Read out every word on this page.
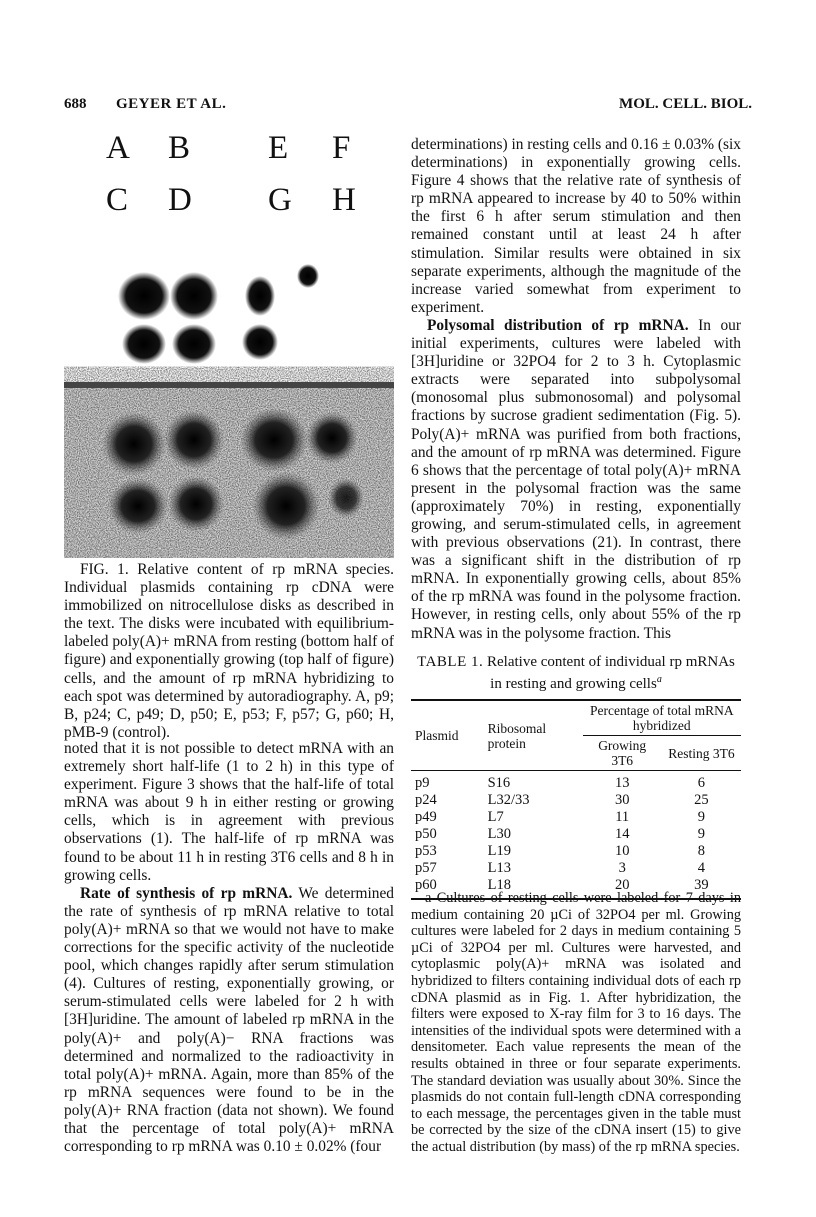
688 GEYER ET AL.	MOL. CELL. BIOL.
A B E F
C D G H

FIG. 1. Relative content of rp mRNA species. Individual plasmids containing rp cDNA were immobilized on nitrocellulose disks as described in the text. The disks were incubated with equilibrium-labeled poly(A)+ mRNA from resting (bottom half of figure) and exponentially growing (top half of figure) cells, and the amount of rp mRNA hybridizing to each spot was determined by autoradiography. A, p9; B, p24; C, p49; D, p50; E, p53; F, p57; G, p60; H, pMB-9 (control).

noted that it is not possible to detect mRNA with an extremely short half-life (1 to 2 h) in this type of experiment. Figure 3 shows that the half-life of total mRNA was about 9 h in either resting or growing cells, which is in agreement with previous observations (1). The half-life of rp mRNA was found to be about 11 h in resting 3T6 cells and 8 h in growing cells.

Rate of synthesis of rp mRNA. We determined the rate of synthesis of rp mRNA relative to total poly(A)+ mRNA so that we would not have to make corrections for the specific activity of the nucleotide pool, which changes rapidly after serum stimulation (4). Cultures of resting, exponentially growing, or serum-stimulated cells were labeled for 2 h with [3H]uridine. The amount of labeled rp mRNA in the poly(A)+ and poly(A)− RNA fractions was determined and normalized to the radioactivity in total poly(A)+ mRNA. Again, more than 85% of the rp mRNA sequences were found to be in the poly(A)+ RNA fraction (data not shown). We found that the percentage of total poly(A)+ mRNA corresponding to rp mRNA was 0.10 ± 0.02% (four

determinations) in resting cells and 0.16 ± 0.03% (six determinations) in exponentially growing cells. Figure 4 shows that the relative rate of synthesis of rp mRNA appeared to increase by 40 to 50% within the first 6 h after serum stimulation and then remained constant until at least 24 h after stimulation. Similar results were obtained in six separate experiments, although the magnitude of the increase varied somewhat from experiment to experiment.

Polysomal distribution of rp mRNA. In our initial experiments, cultures were labeled with [3H]uridine or 32PO4 for 2 to 3 h. Cytoplasmic extracts were separated into subpolysomal (monosomal plus submonosomal) and polysomal fractions by sucrose gradient sedimentation (Fig. 5). Poly(A)+ mRNA was purified from both fractions, and the amount of rp mRNA was determined. Figure 6 shows that the percentage of total poly(A)+ mRNA present in the polysomal fraction was the same (approximately 70%) in resting, exponentially growing, and serum-stimulated cells, in agreement with previous observations (21). In contrast, there was a significant shift in the distribution of rp mRNA. In exponentially growing cells, about 85% of the rp mRNA was found in the polysome fraction. However, in resting cells, only about 55% of the rp mRNA was in the polysome fraction. This

TABLE 1. Relative content of individual rp mRNAs in resting and growing cells$^a$
Plasmid	Ribosomal protein	Percentage of total mRNA hybridized	
		Growing 3T6	Resting 3T6
p9	S16	13	6
p24	L32/33	30	25
p49	L7	11	9
p50	L30	14	9
p53	L19	10	8
p57	L13	3	4
p60	L18	20	39
a Cultures of resting cells were labeled for 7 days in medium containing 20 µCi of 32PO4 per ml. Growing cultures were labeled for 2 days in medium containing 5 µCi of 32PO4 per ml. Cultures were harvested, and cytoplasmic poly(A)+ mRNA was isolated and hybridized to filters containing individual dots of each rp cDNA plasmid as in Fig. 1. After hybridization, the filters were exposed to X-ray film for 3 to 16 days. The intensities of the individual spots were determined with a densitometer. Each value represents the mean of the results obtained in three or four separate experiments. The standard deviation was usually about 30%. Since the plasmids do not contain full-length cDNA corresponding to each message, the percentages given in the table must be corrected by the size of the cDNA insert (15) to give the actual distribution (by mass) of the rp mRNA species.
